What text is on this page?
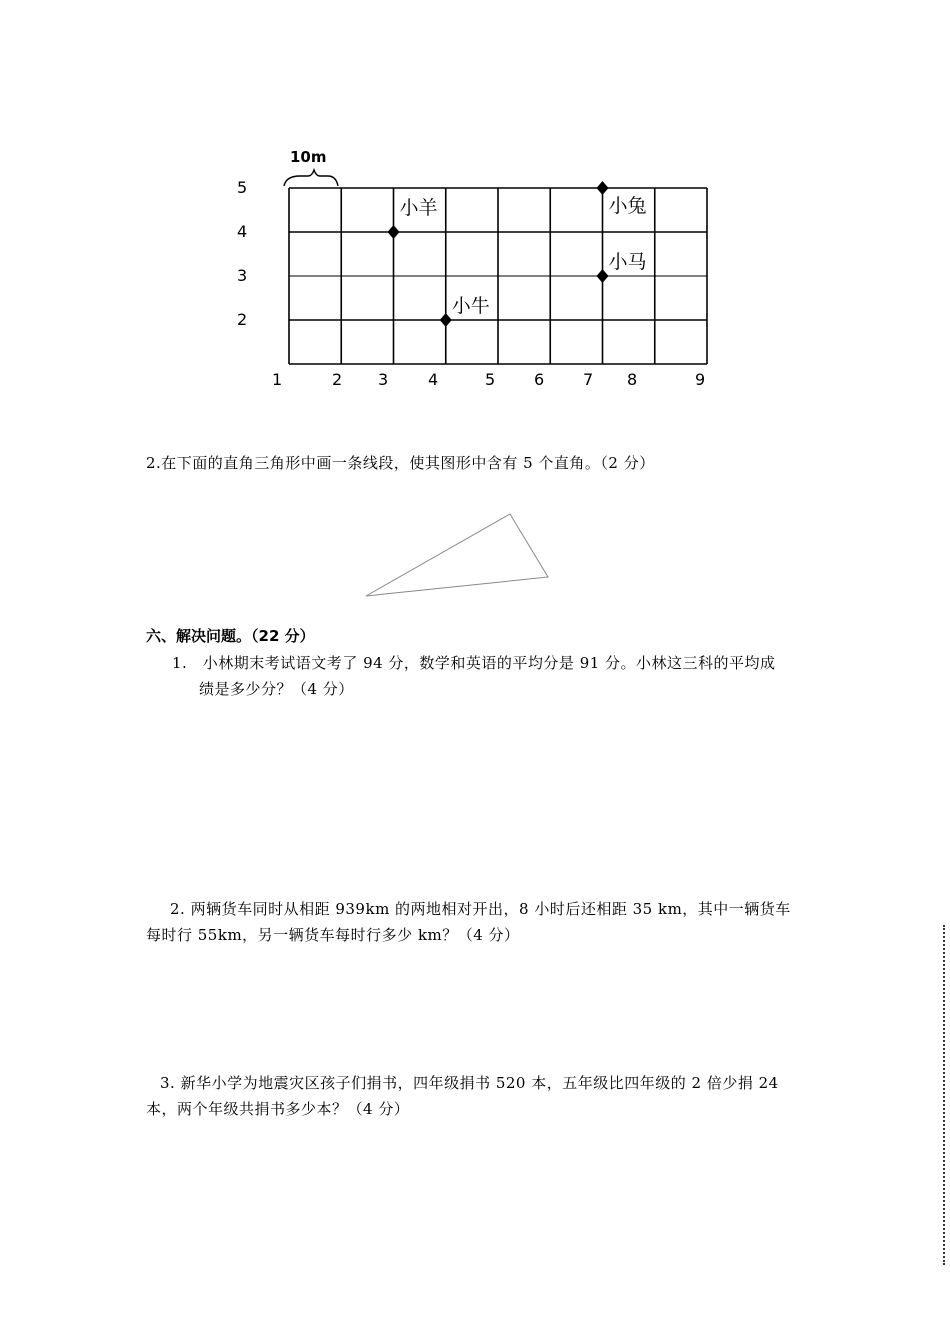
10m
5
4
3
2
1	2 3 4	5 6 7 8	9
小羊	小兔
小马
小牛
2.在下面的直角三角形中画一条线段，使其图形中含有 5 个直角。（2 分）
六、解决问题。（22 分）
1.　小林期末考试语文考了 94 分，数学和英语的平均分是 91 分。小林这三科的平均成
绩是多少分？（4 分）
2. 两辆货车同时从相距 939km 的两地相对开出，8 小时后还相距 35 km，其中一辆货车
每时行 55km，另一辆货车每时行多少 km？（4 分）
3. 新华小学为地震灾区孩子们捐书，四年级捐书 520 本，五年级比四年级的 2 倍少捐 24
本，两个年级共捐书多少本？（4 分）
